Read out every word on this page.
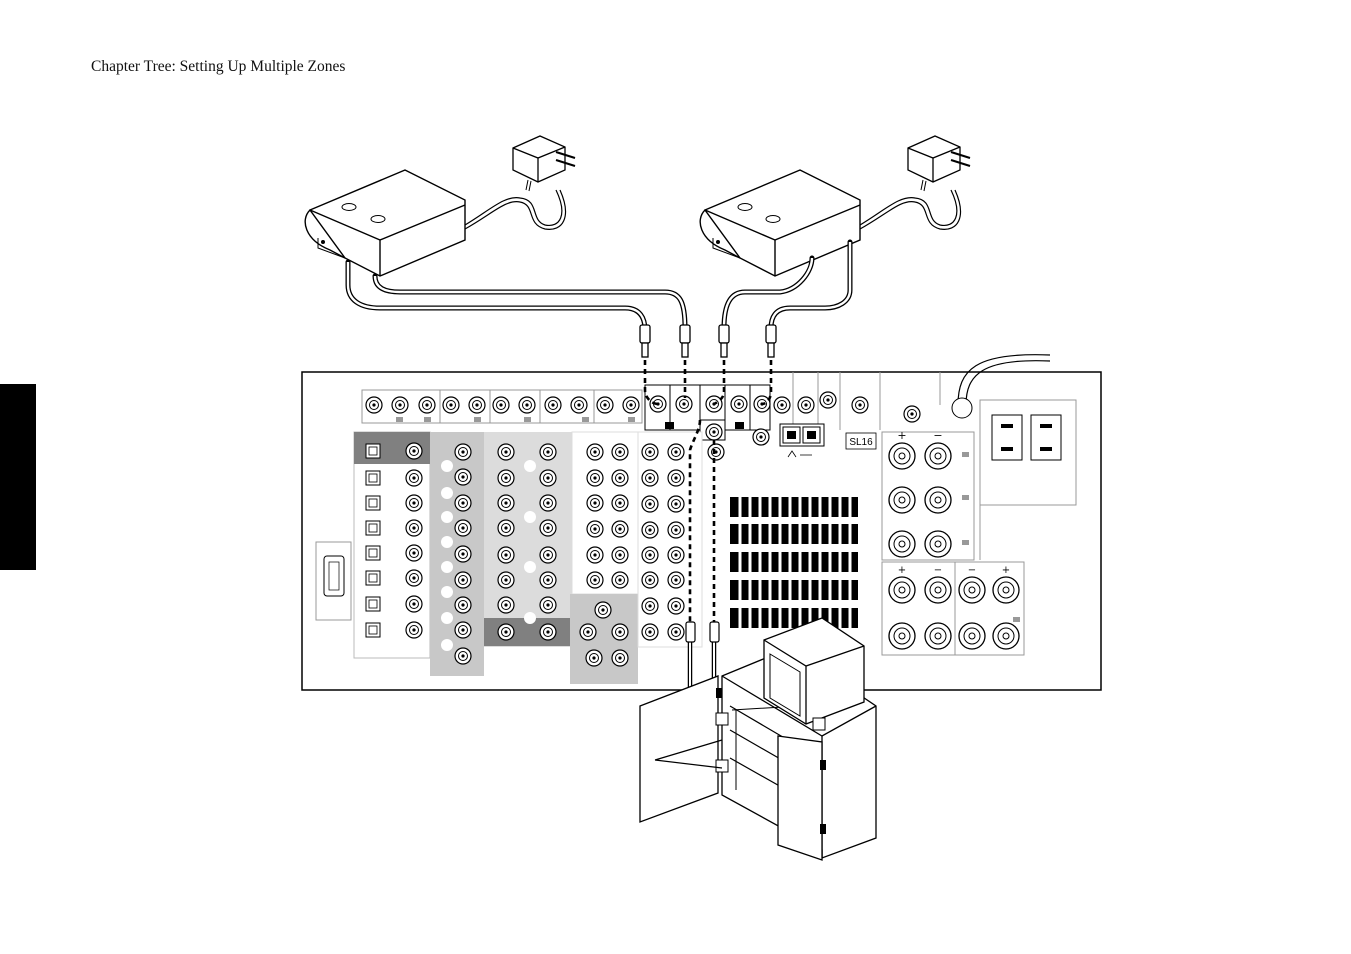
Chapter Tree: Setting Up Multiple Zones
SL16
+ −
+	−	−	+
